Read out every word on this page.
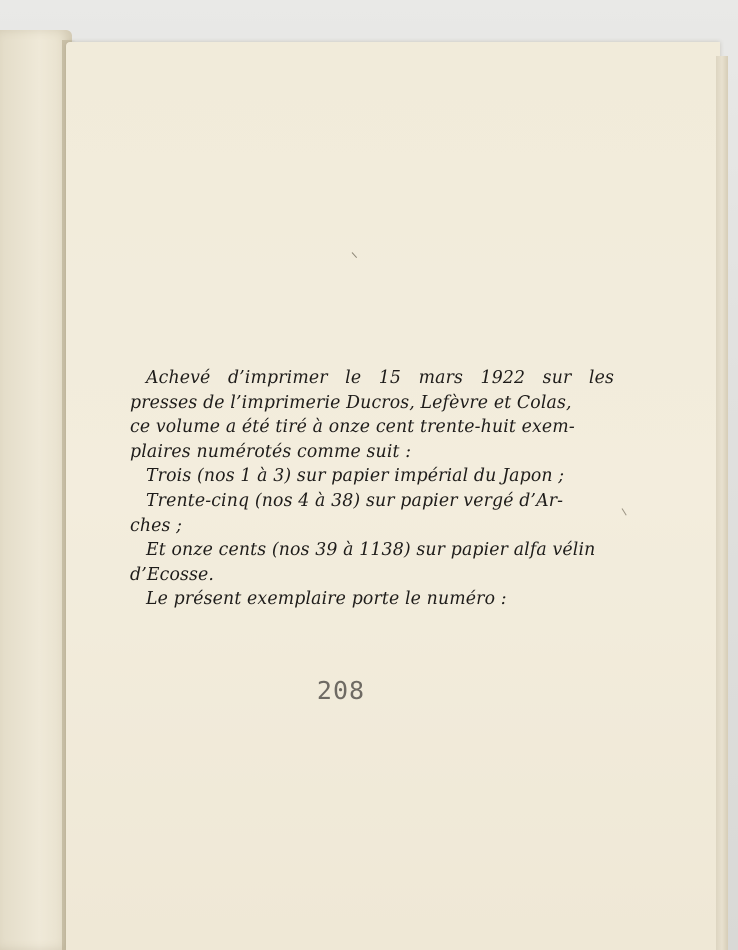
Achevé d’imprimer le 15 mars 1922 sur les
presses de l’imprimerie Ducros, Lefèvre et Colas,
ce volume a été tiré à onze cent trente-huit exem-
plaires numérotés comme suit :
Trois (nos 1 à 3) sur papier impérial du Japon ;
Trente-cinq (nos 4 à 38) sur papier vergé d’Ar-
ches ;
Et onze cents (nos 39 à 1138) sur papier alfa vélin
d’Ecosse.
Le présent exemplaire porte le numéro :
208
